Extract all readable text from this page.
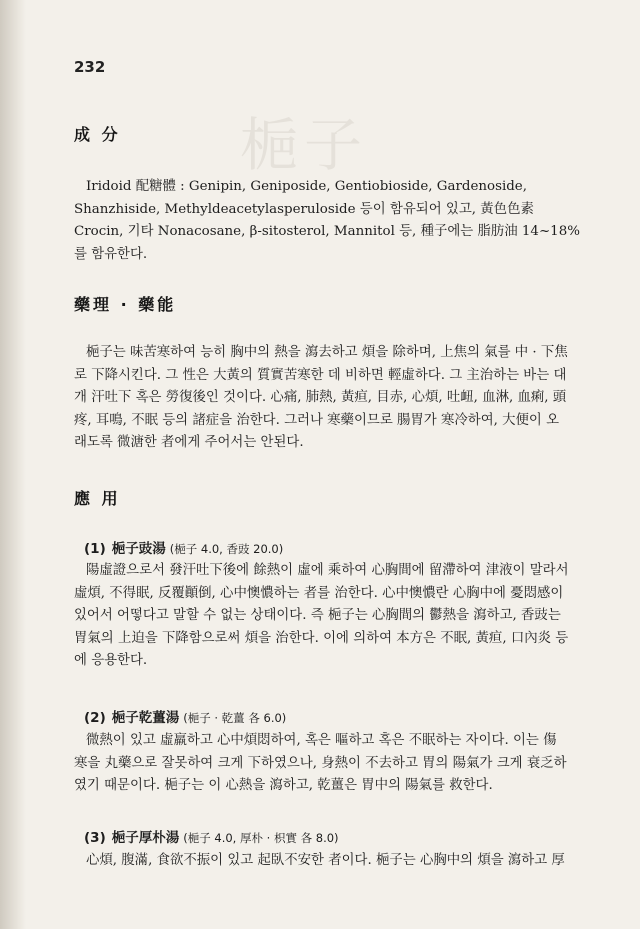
梔子
232
成 分

Iridoid 配糖體 : Genipin, Geniposide, Gentiobioside, Gardenoside,
Shanzhiside, Methyldeacetylasperuloside 등이 함유되어 있고, 黃色色素
Crocin, 기타 Nonacosane, β-sitosterol, Mannitol 등, 種子에는 脂肪油 14~18%
를 함유한다.

藥理 · 藥能

梔子는 味苦寒하여 능히 胸中의 熱을 瀉去하고 煩을 除하며, 上焦의 氣를 中 · 下焦
로 下降시킨다. 그 性은 大黃의 質實苦寒한 데 비하면 輕虛하다. 그 主治하는 바는 대
개 汗吐下 혹은 勞復後인 것이다. 心痛, 肺熱, 黃疸, 目赤, 心煩, 吐衄, 血淋, 血痢, 頭
疼, 耳鳴, 不眠 등의 諸症을 治한다. 그러나 寒藥이므로 腸胃가 寒冷하여, 大便이 오
래도록 微溏한 者에게 주어서는 안된다.

應 用
(1) 梔子豉湯 (梔子 4.0, 香豉 20.0)

陽虛證으로서 發汗吐下後에 餘熱이 虛에 乘하여 心胸間에 留滯하여 津液이 말라서
虛煩, 不得眠, 反覆顚倒, 心中懊憹하는 者를 治한다. 心中懊憹란 心胸中에 憂悶感이
있어서 어떻다고 말할 수 없는 상태이다. 즉 梔子는 心胸間의 鬱熱을 瀉하고, 香豉는
胃氣의 上迫을 下降함으로써 煩을 治한다. 이에 의하여 本方은 不眠, 黃疸, 口內炎 등
에 응용한다.

(2) 梔子乾薑湯 (梔子 · 乾薑 各 6.0)

微熱이 있고 虛羸하고 心中煩悶하여, 혹은 嘔하고 혹은 不眠하는 자이다. 이는 傷
寒을 丸藥으로 잘못하여 크게 下하였으나, 身熱이 不去하고 胃의 陽氣가 크게 衰乏하
였기 때문이다. 梔子는 이 心熱을 瀉하고, 乾薑은 胃中의 陽氣를 救한다.

(3) 梔子厚朴湯 (梔子 4.0, 厚朴 · 枳實 各 8.0)

心煩, 腹滿, 食欲不振이 있고 起臥不安한 者이다. 梔子는 心胸中의 煩을 瀉하고 厚
